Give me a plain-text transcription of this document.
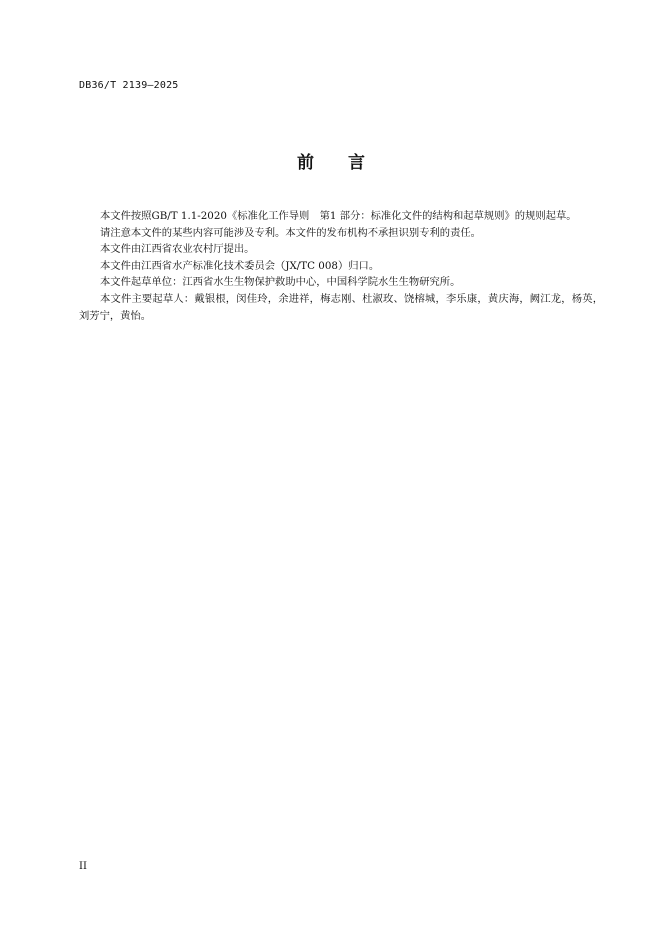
DB36/T 2139—2025
前 言

本文件按照GB/T 1.1-2020《标准化工作导则　第1 部分：标准化文件的结构和起草规则》的规则起草。

请注意本文件的某些内容可能涉及专利。本文件的发布机构不承担识别专利的责任。

本文件由江西省农业农村厅提出。

本文件由江西省水产标准化技术委员会（JX/TC 008）归口。

本文件起草单位：江西省水生生物保护救助中心，中国科学院水生生物研究所。

本文件主要起草人：戴银根，闵佳玲，余进祥，梅志刚、杜淑玫、饶榕城，李乐康，黄庆海，阙江龙，杨英，刘芳宁，黄怡。

II
